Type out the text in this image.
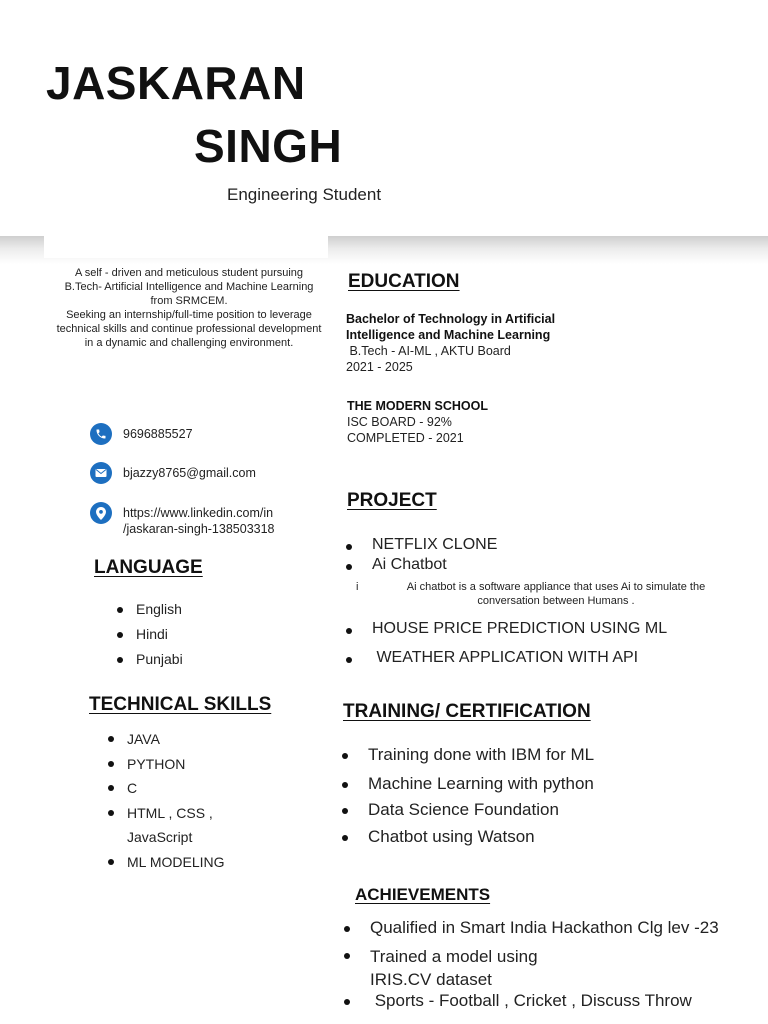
JASKARAN
SINGH
Engineering Student
A self - driven and meticulous student pursuing B.Tech- Artificial Intelligence and Machine Learning from SRMCEM.
Seeking an internship/full-time position to leverage technical skills and continue professional development in a dynamic and challenging environment.
9696885527
bjazzy8765@gmail.com
https://www.linkedin.com/in
/jaskaran-singh-138503318
LANGUAGE
English
Hindi
Punjabi
TECHNICAL SKILLS
JAVA
PYTHON
C
HTML , CSS ,
JavaScript
ML MODELING
EDUCATION
Bachelor of Technology in Artificial
Intelligence and Machine Learning
B.Tech - AI-ML , AKTU Board
2021 - 2025
THE MODERN SCHOOL
ISC BOARD - 92%
COMPLETED - 2021
PROJECT
NETFLIX CLONE
Ai Chatbot
i	Ai chatbot is a software appliance that uses Ai to simulate the conversation between Humans .
HOUSE PRICE PREDICTION USING ML
WEATHER APPLICATION WITH API
TRAINING/ CERTIFICATION
Training done with IBM for ML
Machine Learning with python
Data Science Foundation
Chatbot using Watson
ACHIEVEMENTS
Qualified in Smart India Hackathon Clg lev -23
Trained a model using
IRIS.CV dataset
Sports - Football , Cricket , Discuss Throw
